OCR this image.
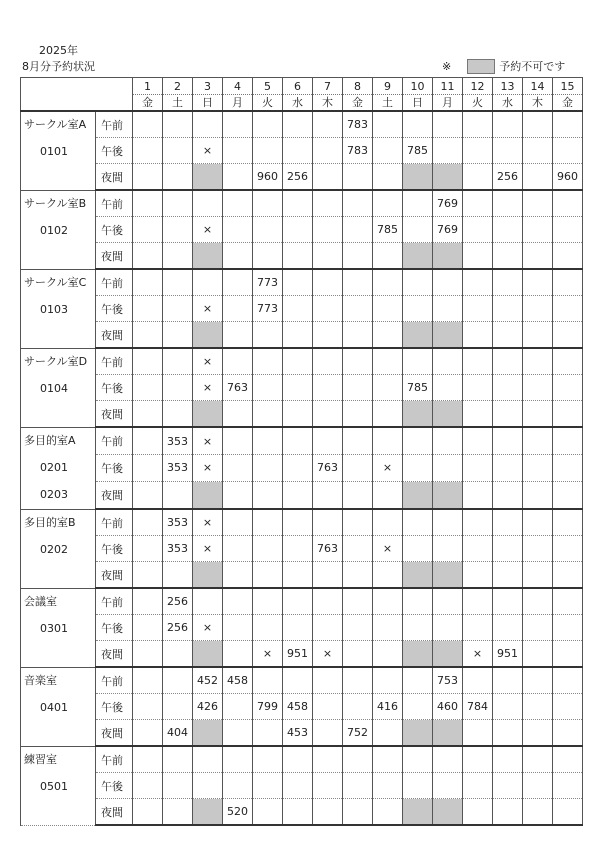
2025年
8月分予約状況	※	予約不可です
		1	2	3	4	5	6	7	8	9	10	11	12	13	14	15
		金	土	日	月	火	水	木	金	土	日	月	火	水	木	金

サークル室A
0101	午前								783							
	午後			×					783		785					
	夜間					960	256							256		960

サークル室B
0102	午前											769				
	午後			×						785		769				
	夜間															

サークル室C
0103	午前					773										
	午後			×		773										
	夜間															

サークル室D
0104	午前			×												
	午後			×	763						785					
	夜間															

多目的室A
0201
0203	午前		353	×												
	午後		353	×				763		×						
	夜間															

多目的室B
0202	午前		353	×												
	午後		353	×				763		×						
	夜間															

会議室
0301	午前		256													
	午後		256	×												
	夜間					×	951	×					×	951		

音楽室
0401	午前			452	458							753				
	午後			426		799	458			416		460	784			
	夜間		404				453		752							

練習室
0501	午前															
	午後															
	夜間				520											
